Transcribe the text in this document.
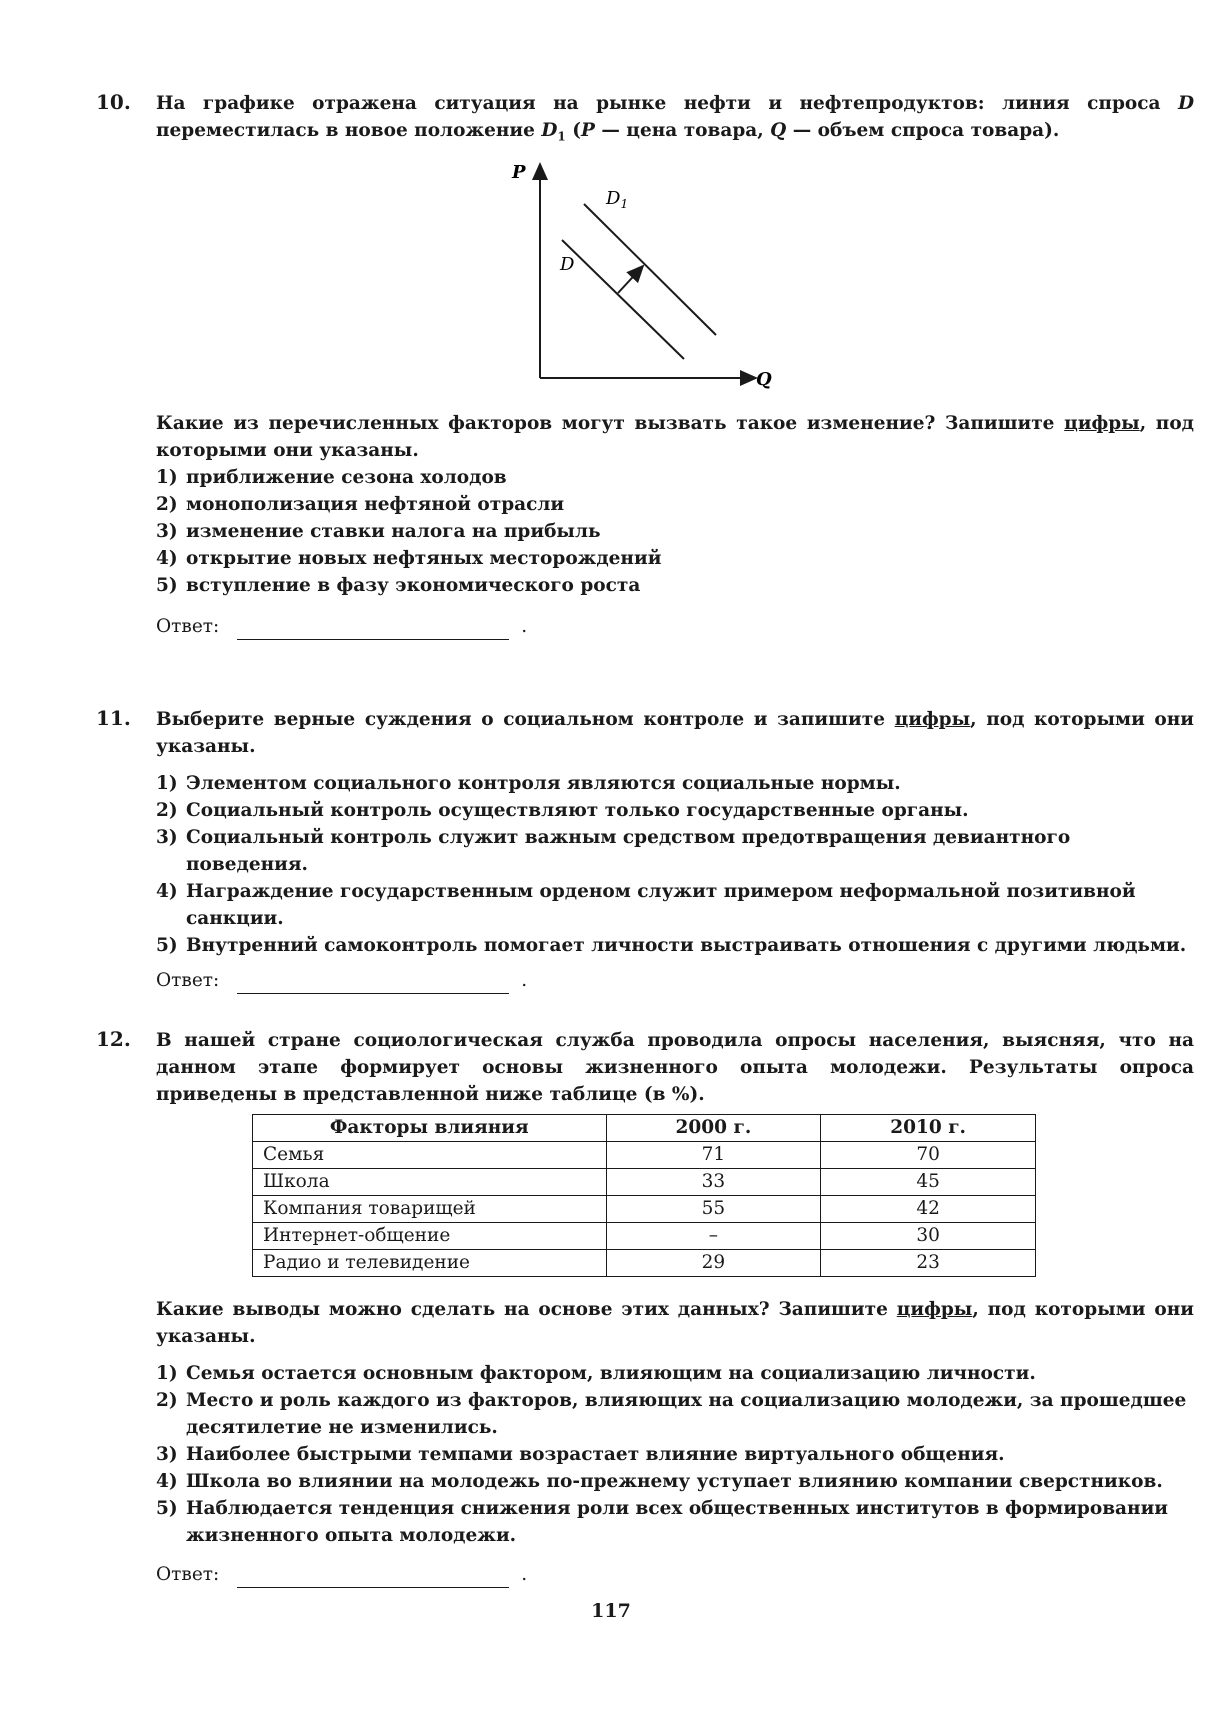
10. На графике отражена ситуация на рынке нефти и нефтепродуктов: линия спроса D переместилась в новое положение $D_1$ (P — цена товара, Q — объем спроса товара).

P
Q
D
$D_1$

Какие из перечисленных факторов могут вызвать такое изменение? Запишите цифры, под которыми они указаны.

1) приближение сезона холодов
2) монополизация нефтяной отрасли
3) изменение ставки налога на прибыль
4) открытие новых нефтяных месторождений
5) вступление в фазу экономического роста
Ответ:	.
11. Выберите верные суждения о социальном контроле и запишите цифры, под которыми они указаны.

1) Элементом социального контроля являются социальные нормы.
2) Социальный контроль осуществляют только государственные органы.
3) Социальный контроль служит важным средством предотвращения девиантного поведения.
4) Награждение государственным орденом служит примером неформальной позитивной санкции.
5) Внутренний самоконтроль помогает личности выстраивать отношения с другими людьми.
Ответ:	.
12. В нашей стране социологическая служба проводила опросы населения, выясняя, что на данном этапе формирует основы жизненного опыта молодежи. Результаты опроса приведены в представленной ниже таблице (в %).

Факторы влияния	2000 г.	2010 г.
Семья	71	70
Школа	33	45
Компания товарищей	55	42
Интернет-общение	–	30
Радио и телевидение	29	23

Какие выводы можно сделать на основе этих данных? Запишите цифры, под которыми они указаны.

1) Семья остается основным фактором, влияющим на социализацию личности.
2) Место и роль каждого из факторов, влияющих на социализацию молодежи, за прошедшее десятилетие не изменились.
3) Наиболее быстрыми темпами возрастает влияние виртуального общения.
4) Школа во влиянии на молодежь по-прежнему уступает влиянию компании сверстников.
5) Наблюдается тенденция снижения роли всех общественных институтов в формировании жизненного опыта молодежи.
Ответ:	.
117
